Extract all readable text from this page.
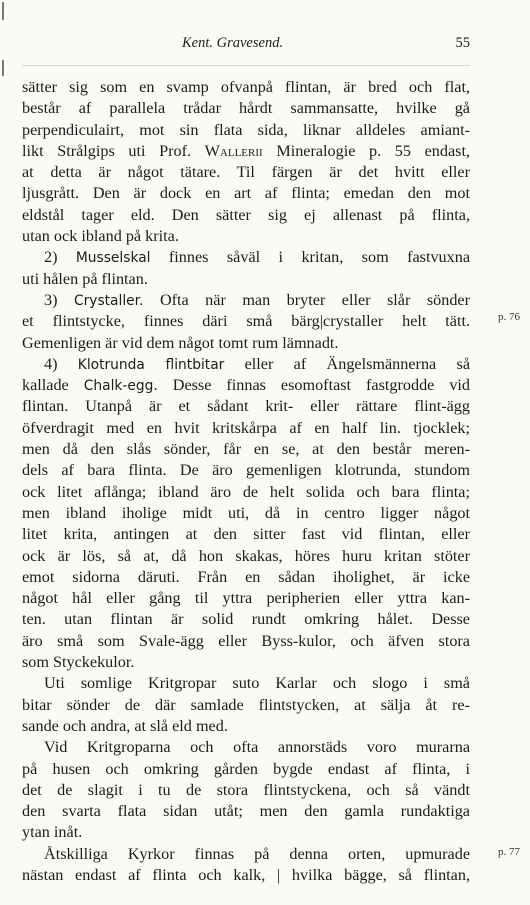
Kent. Gravesend.	55
sätter sig som en svamp ofvanpå flintan, är bred och flat,
består af parallela trådar hårdt sammansatte, hvilke gå
perpendiculairt, mot sin flata sida, liknar alldeles amiant-
likt Strålgips uti Prof. Wallerii Mineralogie p. 55 endast,
at detta är något tätare. Til färgen är det hvitt eller
ljusgrått. Den är dock en art af flinta; emedan den mot
eldstål tager eld. Den sätter sig ej allenast på flinta,
utan ock ibland på krita.
2) Musselskal finnes såväl i kritan, som fastvuxna
uti hålen på flintan.
3) Crystaller. Ofta när man bryter eller slår sönder
et flintstycke, finnes däri små bärg|crystaller helt tätt.
Gemenligen är vid dem något tomt rum lämnadt.
4) Klotrunda flintbitar eller af Ängelsmännerna så
kallade Chalk-egg. Desse finnas esomoftast fastgrodde vid
flintan. Utanpå är et sådant krit- eller rättare flint-ägg
öfverdragit med en hvit kritskårpa af en half lin. tjocklek;
men då den slås sönder, får en se, at den består meren-
dels af bara flinta. De äro gemenligen klotrunda, stundom
ock litet aflånga; ibland äro de helt solida och bara flinta;
men ibland iholige midt uti, då in centro ligger något
litet krita, antingen at den sitter fast vid flintan, eller
ock är lös, så at, då hon skakas, höres huru kritan stöter
emot sidorna däruti. Från en sådan iholighet, är icke
något hål eller gång til yttra peripherien eller yttra kan-
ten. utan flintan är solid rundt omkring hålet. Desse
äro små som Svale-ägg eller Byss-kulor, och äfven stora
som Styckekulor.
Uti somlige Kritgropar suto Karlar och slogo i små
bitar sönder de där samlade flintstycken, at sälja åt re-
sande och andra, at slå eld med.
Vid Kritgroparna och ofta annorstäds voro murarna
på husen och omkring gården bygde endast af flinta, i
det de slagit i tu de stora flintstyckena, och så vändt
den svarta flata sidan utåt; men den gamla rundaktiga
ytan inåt.
Åtskilliga Kyrkor finnas på denna orten, upmurade
nästan endast af flinta och kalk, | hvilka bägge, så flintan,
p. 76
p. 77
